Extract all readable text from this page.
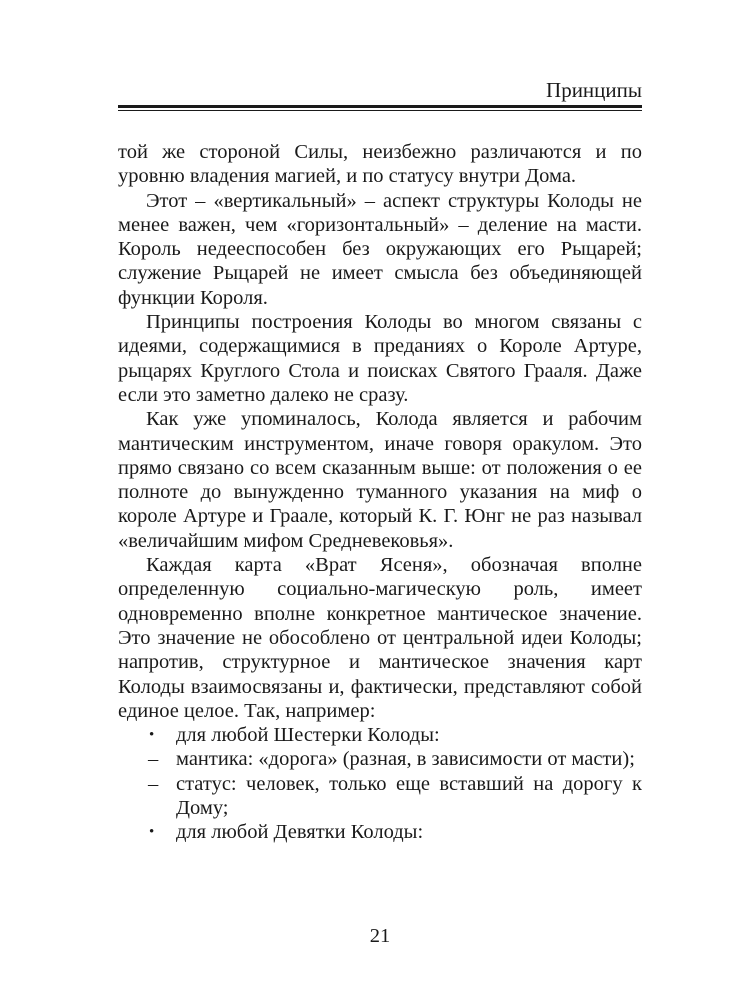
Принципы

той же стороной Силы, неизбежно различаются и по уровню владения магией, и по статусу внутри Дома.

Этот – «вертикальный» – аспект структуры Колоды не менее важен, чем «горизонтальный» – деление на масти. Король недееспособен без окружающих его Рыцарей; служение Рыцарей не имеет смысла без объединяющей функции Короля.

Принципы построения Колоды во многом связаны с идеями, содержащимися в преданиях о Короле Артуре, рыцарях Круглого Стола и поисках Святого Грааля. Даже если это заметно далеко не сразу.

Как уже упоминалось, Колода является и рабочим мантическим инструментом, иначе говоря оракулом. Это прямо связано со всем сказанным выше: от положения о ее полноте до вынужденно туманного указания на миф о короле Артуре и Граале, который К. Г. Юнг не раз называл «величайшим мифом Средневековья».

Каждая карта «Врат Ясеня», обозначая вполне определенную социально-магическую роль, имеет одновременно вполне конкретное мантическое значение. Это значение не обособлено от центральной идеи Колоды; напротив, структурное и мантическое значения карт Колоды взаимосвязаны и, фактически, представляют собой единое целое. Так, например:

•	для любой Шестерки Колоды:
– мантика: «дорога» (разная, в зависимости от масти);
– статус: человек, только еще вставший на дорогу к Дому;
•	для любой Девятки Колоды:
21
